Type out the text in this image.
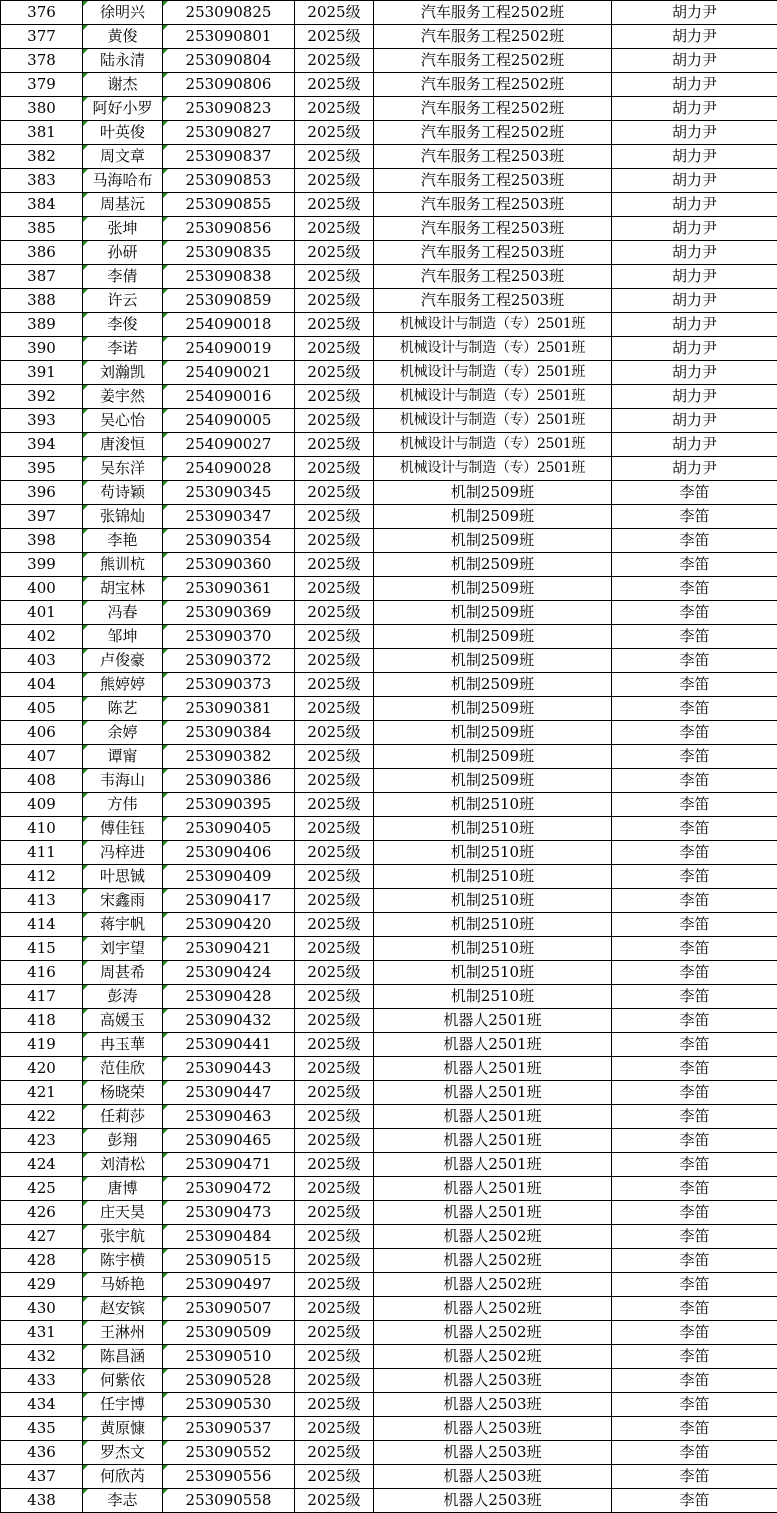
376	徐明兴	253090825	2025级	汽车服务工程2502班	胡力尹
377	黄俊	253090801	2025级	汽车服务工程2502班	胡力尹
378	陆永清	253090804	2025级	汽车服务工程2502班	胡力尹
379	谢杰	253090806	2025级	汽车服务工程2502班	胡力尹
380	阿好小罗	253090823	2025级	汽车服务工程2502班	胡力尹
381	叶英俊	253090827	2025级	汽车服务工程2502班	胡力尹
382	周文章	253090837	2025级	汽车服务工程2503班	胡力尹
383	马海哈布	253090853	2025级	汽车服务工程2503班	胡力尹
384	周基沅	253090855	2025级	汽车服务工程2503班	胡力尹
385	张坤	253090856	2025级	汽车服务工程2503班	胡力尹
386	孙研	253090835	2025级	汽车服务工程2503班	胡力尹
387	李倩	253090838	2025级	汽车服务工程2503班	胡力尹
388	许云	253090859	2025级	汽车服务工程2503班	胡力尹
389	李俊	254090018	2025级	机械设计与制造（专）2501班	胡力尹
390	李诺	254090019	2025级	机械设计与制造（专）2501班	胡力尹
391	刘瀚凯	254090021	2025级	机械设计与制造（专）2501班	胡力尹
392	姜宇然	254090016	2025级	机械设计与制造（专）2501班	胡力尹
393	吴心怡	254090005	2025级	机械设计与制造（专）2501班	胡力尹
394	唐浚恒	254090027	2025级	机械设计与制造（专）2501班	胡力尹
395	吴东洋	254090028	2025级	机械设计与制造（专）2501班	胡力尹
396	苟诗颖	253090345	2025级	机制2509班	李笛
397	张锦灿	253090347	2025级	机制2509班	李笛
398	李艳	253090354	2025级	机制2509班	李笛
399	熊训杭	253090360	2025级	机制2509班	李笛
400	胡宝林	253090361	2025级	机制2509班	李笛
401	冯春	253090369	2025级	机制2509班	李笛
402	邹坤	253090370	2025级	机制2509班	李笛
403	卢俊豪	253090372	2025级	机制2509班	李笛
404	熊婷婷	253090373	2025级	机制2509班	李笛
405	陈艺	253090381	2025级	机制2509班	李笛
406	余婷	253090384	2025级	机制2509班	李笛
407	谭甯	253090382	2025级	机制2509班	李笛
408	韦海山	253090386	2025级	机制2509班	李笛
409	方伟	253090395	2025级	机制2510班	李笛
410	傅佳钰	253090405	2025级	机制2510班	李笛
411	冯梓进	253090406	2025级	机制2510班	李笛
412	叶思铖	253090409	2025级	机制2510班	李笛
413	宋鑫雨	253090417	2025级	机制2510班	李笛
414	蒋宇帆	253090420	2025级	机制2510班	李笛
415	刘宇望	253090421	2025级	机制2510班	李笛
416	周甚希	253090424	2025级	机制2510班	李笛
417	彭涛	253090428	2025级	机制2510班	李笛
418	高媛玉	253090432	2025级	机器人2501班	李笛
419	冉玉華	253090441	2025级	机器人2501班	李笛
420	范佳欣	253090443	2025级	机器人2501班	李笛
421	杨晓荣	253090447	2025级	机器人2501班	李笛
422	任莉莎	253090463	2025级	机器人2501班	李笛
423	彭翔	253090465	2025级	机器人2501班	李笛
424	刘清松	253090471	2025级	机器人2501班	李笛
425	唐博	253090472	2025级	机器人2501班	李笛
426	庄天昊	253090473	2025级	机器人2501班	李笛
427	张宇航	253090484	2025级	机器人2502班	李笛
428	陈宇横	253090515	2025级	机器人2502班	李笛
429	马娇艳	253090497	2025级	机器人2502班	李笛
430	赵安镔	253090507	2025级	机器人2502班	李笛
431	王淋州	253090509	2025级	机器人2502班	李笛
432	陈昌涵	253090510	2025级	机器人2502班	李笛
433	何紫依	253090528	2025级	机器人2503班	李笛
434	任宇博	253090530	2025级	机器人2503班	李笛
435	黄原慷	253090537	2025级	机器人2503班	李笛
436	罗杰文	253090552	2025级	机器人2503班	李笛
437	何欣芮	253090556	2025级	机器人2503班	李笛
438	李志	253090558	2025级	机器人2503班	李笛
